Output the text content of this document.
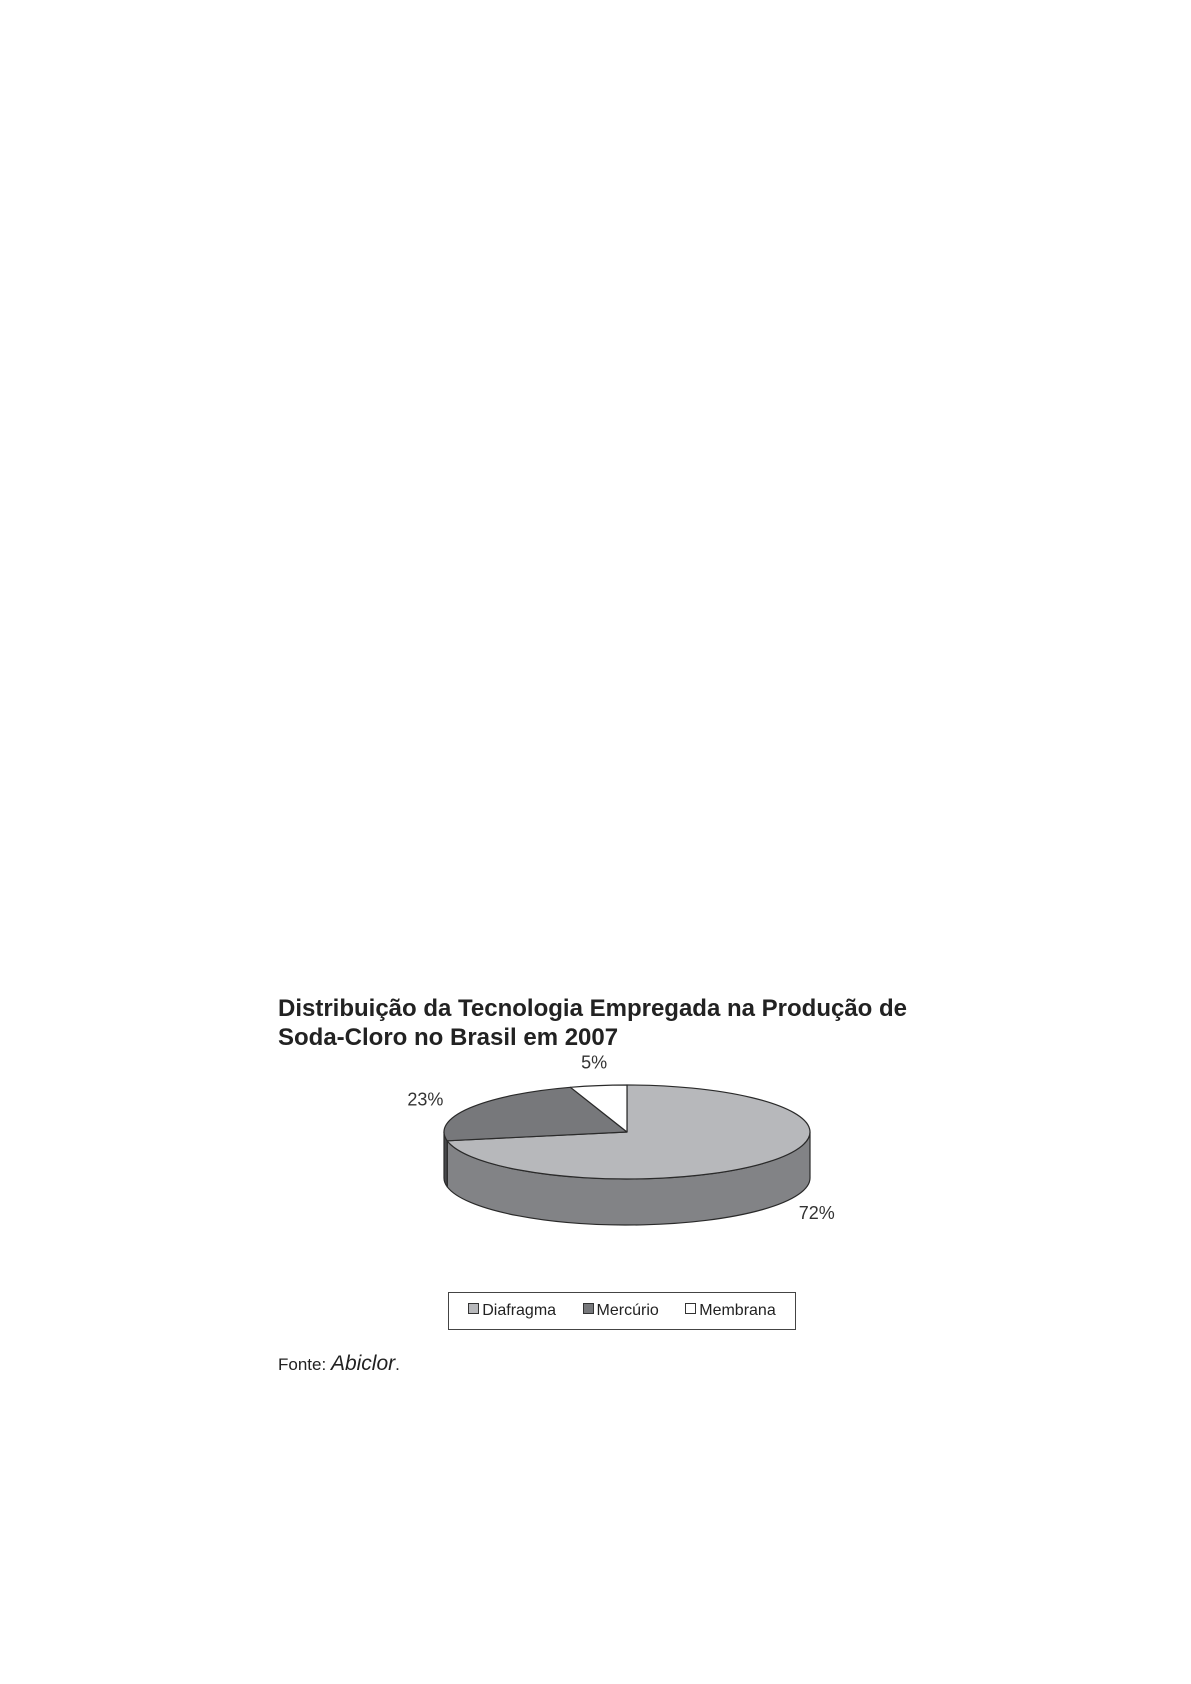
Distribuição da Tecnologia Empregada na Produção de
Soda-Cloro no Brasil em 2007
72%
23%
5%
Diafragma	Mercúrio	Membrana
Fonte: Abiclor.
